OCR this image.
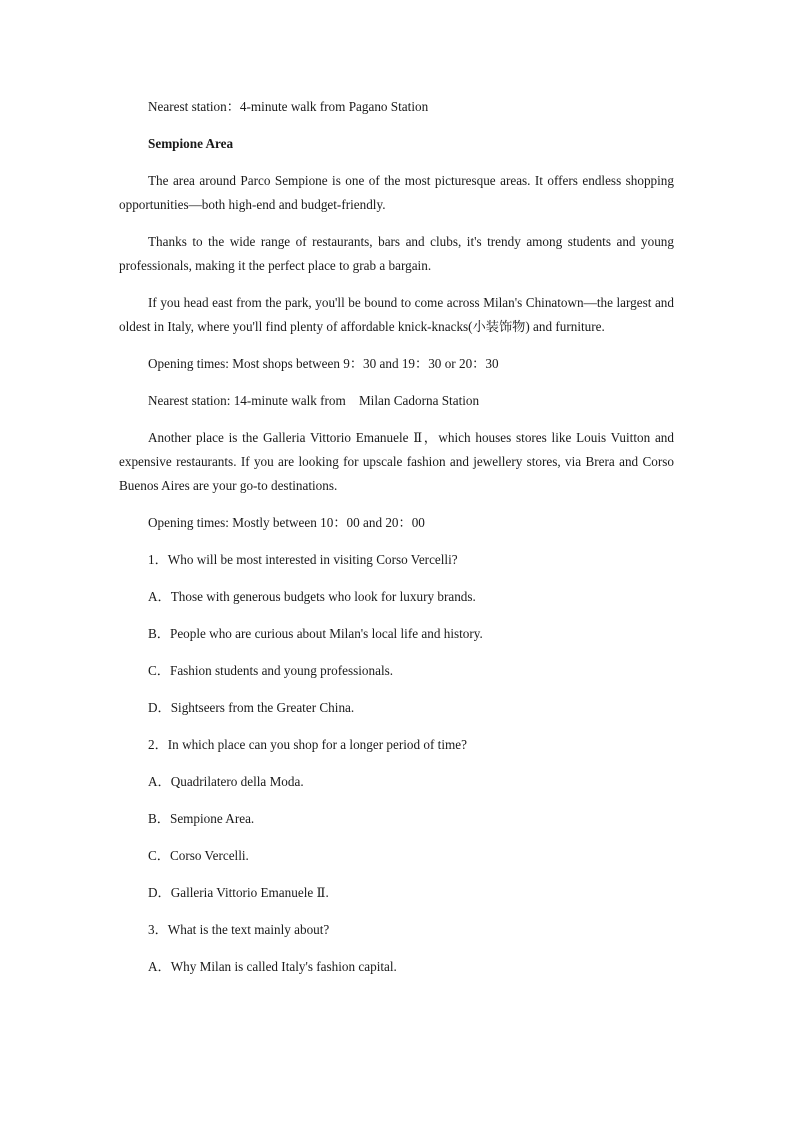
Nearest station：4-minute walk from Pagano Station

Sempione Area

The area around Parco Sempione is one of the most picturesque areas. It offers endless shopping opportunities—both high-end and budget-friendly.

Thanks to the wide range of restaurants, bars and clubs, it's trendy among students and young professionals, making it the perfect place to grab a bargain.

If you head east from the park, you'll be bound to come across Milan's Chinatown—the largest and oldest in Italy, where you'll find plenty of affordable knick-knacks(小装饰物) and furniture.

Opening times: Most shops between 9：30 and 19：30 or 20：30

Nearest station: 14-minute walk from　Milan Cadorna Station

Another place is the Galleria Vittorio Emanuele Ⅱ，which houses stores like Louis Vuitton and expensive restaurants. If you are looking for upscale fashion and jewellery stores, via Brera and Corso Buenos Aires are your go-to destinations.

Opening times: Mostly between 10：00 and 20：00

1．Who will be most interested in visiting Corso Vercelli?

A．Those with generous budgets who look for luxury brands.

B．People who are curious about Milan's local life and history.

C．Fashion students and young professionals.

D．Sightseers from the Greater China.

2．In which place can you shop for a longer period of time?

A．Quadrilatero della Moda.

B．Sempione Area.

C．Corso Vercelli.

D．Galleria Vittorio Emanuele Ⅱ.

3．What is the text mainly about?

A．Why Milan is called Italy's fashion capital.
